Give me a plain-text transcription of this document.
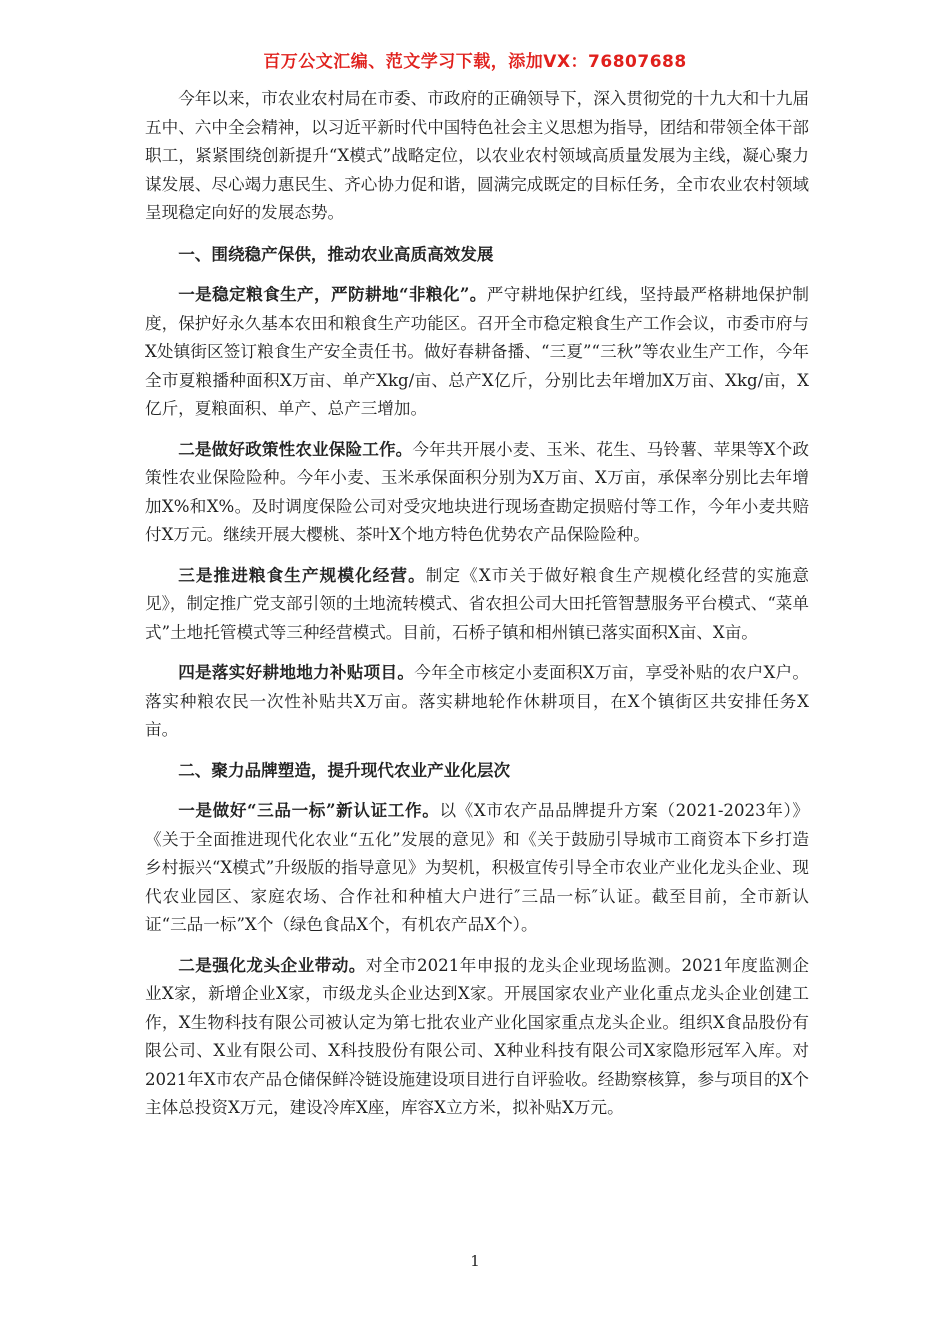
百万公文汇编、范文学习下载，添加VX：76807688

今年以来，市农业农村局在市委、市政府的正确领导下，深入贯彻党的十九大和十九届五中、六中全会精神，以习近平新时代中国特色社会主义思想为指导，团结和带领全体干部职工，紧紧围绕创新提升“X模式”战略定位，以农业农村领域高质量发展为主线，凝心聚力谋发展、尽心竭力惠民生、齐心协力促和谐，圆满完成既定的目标任务，全市农业农村领域呈现稳定向好的发展态势。

一、围绕稳产保供，推动农业高质高效发展

一是稳定粮食生产，严防耕地“非粮化”。严守耕地保护红线，坚持最严格耕地保护制度，保护好永久基本农田和粮食生产功能区。召开全市稳定粮食生产工作会议，市委市府与X处镇街区签订粮食生产安全责任书。做好春耕备播、“三夏”“三秋”等农业生产工作，今年全市夏粮播种面积X万亩、单产Xkg/亩、总产X亿斤，分别比去年增加X万亩、Xkg/亩，X亿斤，夏粮面积、单产、总产三增加。

二是做好政策性农业保险工作。今年共开展小麦、玉米、花生、马铃薯、苹果等X个政策性农业保险险种。今年小麦、玉米承保面积分别为X万亩、X万亩，承保率分别比去年增加X%和X%。及时调度保险公司对受灾地块进行现场查勘定损赔付等工作，今年小麦共赔付X万元。继续开展大樱桃、茶叶X个地方特色优势农产品保险险种。

三是推进粮食生产规模化经营。制定《X市关于做好粮食生产规模化经营的实施意见》，制定推广党支部引领的土地流转模式、省农担公司大田托管智慧服务平台模式、“菜单式”土地托管模式等三种经营模式。目前，石桥子镇和相州镇已落实面积X亩、X亩。

四是落实好耕地地力补贴项目。今年全市核定小麦面积X万亩，享受补贴的农户X户。落实种粮农民一次性补贴共X万亩。落实耕地轮作休耕项目，在X个镇街区共安排任务X亩。

二、聚力品牌塑造，提升现代农业产业化层次

一是做好“三品一标”新认证工作。以《X市农产品品牌提升方案（2021-2023年）》《关于全面推进现代化农业“五化”发展的意见》和《关于鼓励引导城市工商资本下乡打造乡村振兴“X模式”升级版的指导意见》为契机，积极宣传引导全市农业产业化龙头企业、现代农业园区、家庭农场、合作社和种植大户进行″三品一标″认证。截至目前，全市新认证“三品一标”X个（绿色食品X个，有机农产品X个）。

二是强化龙头企业带动。对全市2021年申报的龙头企业现场监测。2021年度监测企业X家，新增企业X家，市级龙头企业达到X家。开展国家农业产业化重点龙头企业创建工作，X生物科技有限公司被认定为第七批农业产业化国家重点龙头企业。组织X食品股份有限公司、X业有限公司、X科技股份有限公司、X种业科技有限公司X家隐形冠军入库。对2021年X市农产品仓储保鲜冷链设施建设项目进行自评验收。经勘察核算，参与项目的X个主体总投资X万元，建设冷库X座，库容X立方米，拟补贴X万元。

1
